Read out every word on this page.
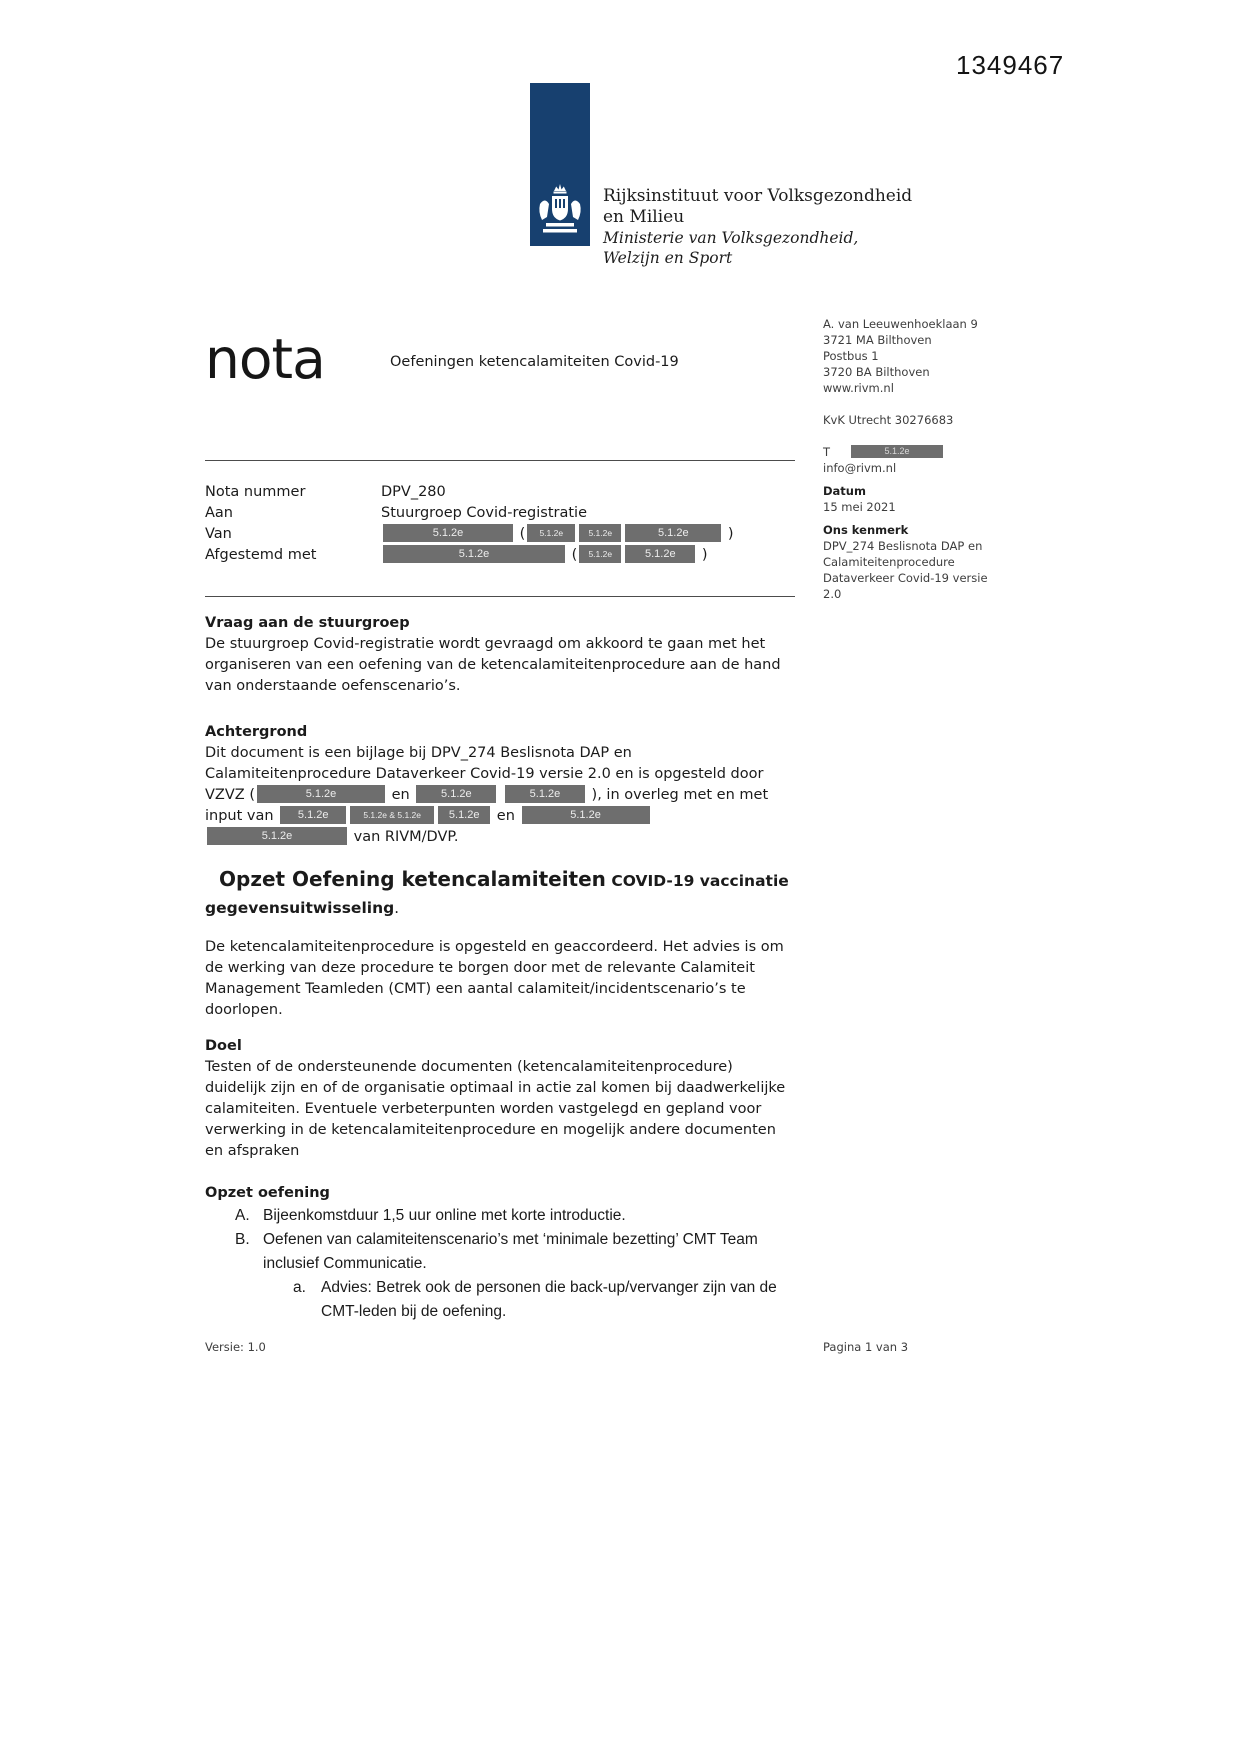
1349467
Rijksinstituut voor Volksgezondheid
en Milieu
Ministerie van Volksgezondheid,
Welzijn en Sport
A. van Leeuwenhoeklaan 9
3721 MA Bilthoven
Postbus 1
3720 BA Bilthoven
www.rivm.nl
KvK Utrecht 30276683
T	5.1.2e
info@rivm.nl
Datum
15 mei 2021
Ons kenmerk
DPV_274 Beslisnota DAP en Calamiteitenprocedure Dataverkeer Covid-19 versie 2.0
nota	Oefeningen ketencalamiteiten Covid-19
Nota nummer	DPV_280
Aan	Stuurgroep Covid-registratie
Van	5.1.2e	( 5.1.2e	5.1.2e	5.1.2e )
Afgestemd met	5.1.2e	( 5.1.2e	5.1.2e )
Vraag aan de stuurgroep
De stuurgroep Covid-registratie wordt gevraagd om akkoord te gaan met het organiseren van een oefening van de ketencalamiteitenprocedure aan de hand van onderstaande oefenscenario’s.
Achtergrond
Dit document is een bijlage bij DPV_274 Beslisnota DAP en Calamiteitenprocedure Dataverkeer Covid-19 versie 2.0 en is opgesteld door VZVZ (	5.1.2e	en 5.1.2e	5.1.2e ), in overleg met en met input van 5.1.2e	5.1.2e & 5.1.2e	5.1.2e en	5.1.2e 5.1.2e	van RIVM/DVP.
Opzet Oefening ketencalamiteiten COVID-19 vaccinatie gegevensuitwisseling.
De ketencalamiteitenprocedure is opgesteld en geaccordeerd. Het advies is om de werking van deze procedure te borgen door met de relevante Calamiteit Management Teamleden (CMT) een aantal calamiteit/incidentscenario’s te doorlopen.
Doel
Testen of de ondersteunende documenten (ketencalamiteitenprocedure) duidelijk zijn en of de organisatie optimaal in actie zal komen bij daadwerkelijke calamiteiten. Eventuele verbeterpunten worden vastgelegd en gepland voor verwerking in de ketencalamiteitenprocedure en mogelijk andere documenten en afspraken
Opzet oefening
A. Bijeenkomstduur 1,5 uur online met korte introductie.
B. Oefenen van calamiteitenscenario’s met ‘minimale bezetting’ CMT Team inclusief Communicatie.
a. Advies: Betrek ook de personen die back-up/vervanger zijn van de CMT-leden bij de oefening.
Versie: 1.0	Pagina 1 van 3
